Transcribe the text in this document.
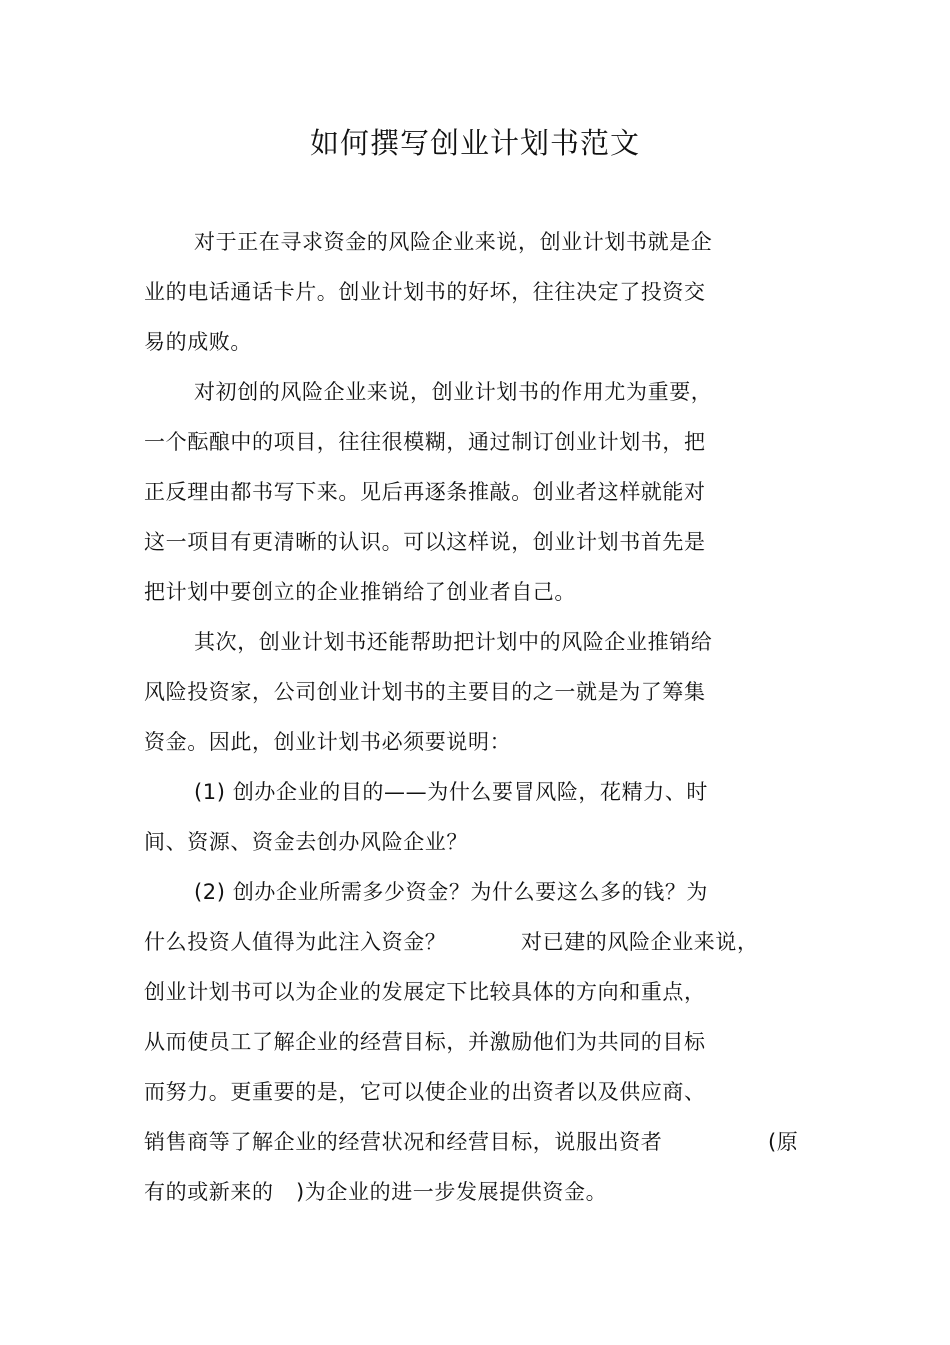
如何撰写创业计划书范文
对于正在寻求资金的风险企业来说，创业计划书就是企
业的电话通话卡片。创业计划书的好坏，往往决定了投资交
易的成败。
对初创的风险企业来说，创业计划书的作用尤为重要，
一个酝酿中的项目，往往很模糊，通过制订创业计划书，把
正反理由都书写下来。见后再逐条推敲。创业者这样就能对
这一项目有更清晰的认识。可以这样说，创业计划书首先是
把计划中要创立的企业推销给了创业者自己。
其次，创业计划书还能帮助把计划中的风险企业推销给
风险投资家，公司创业计划书的主要目的之一就是为了筹集
资金。因此，创业计划书必须要说明：
(1) 创办企业的目的——为什么要冒风险，花精力、时
间、资源、资金去创办风险企业？
(2) 创办企业所需多少资金？为什么要这么多的钱？为
什么投资人值得为此注入资金？	对已建的风险企业来说，
创业计划书可以为企业的发展定下比较具体的方向和重点，
从而使员工了解企业的经营目标，并激励他们为共同的目标
而努力。更重要的是，它可以使企业的出资者以及供应商、
销售商等了解企业的经营状况和经营目标，说服出资者	(原
有的或新来的 )为企业的进一步发展提供资金。
